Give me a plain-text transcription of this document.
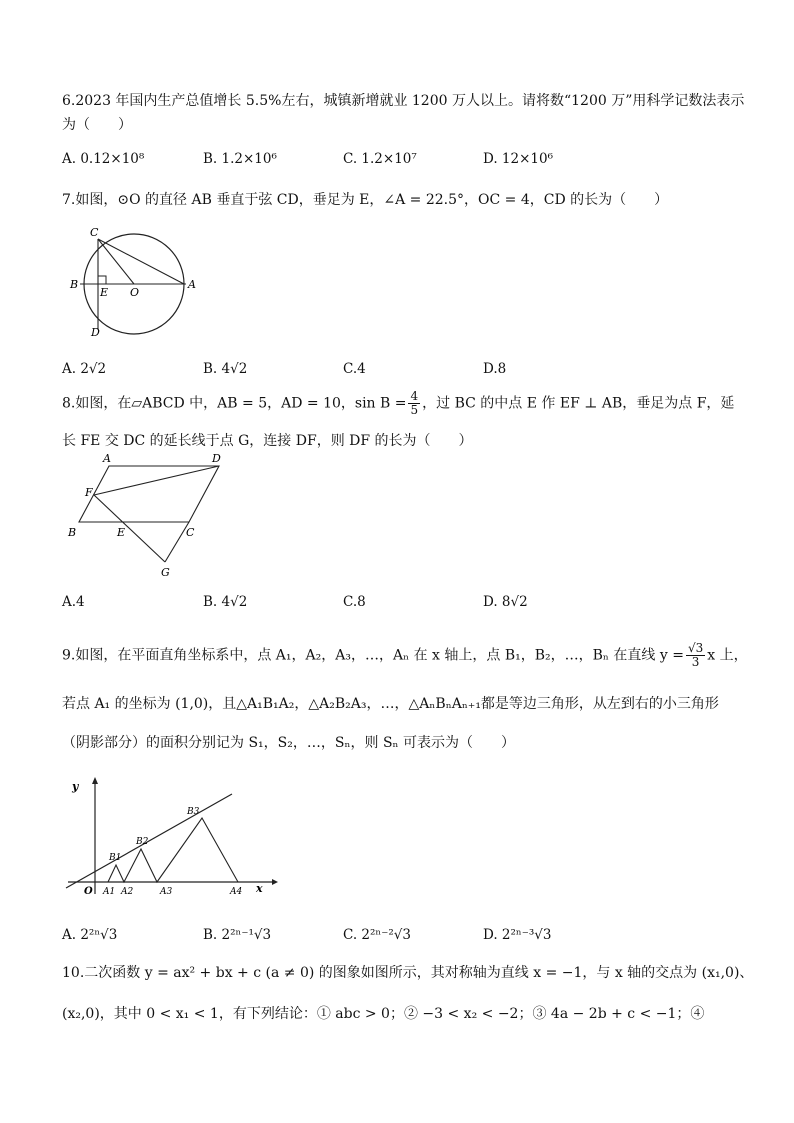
6.2023 年国内生产总值增长 5.5%左右，城镇新增就业 1200 万人以上。请将数“1200 万”用科学记数法表示
为（　　）
A. 0.12×10⁸	B. 1.2×10⁶	C. 1.2×10⁷	D. 12×10⁶
7.如图，⊙O 的直径 AB 垂直于弦 CD，垂足为 E，∠A = 22.5°，OC = 4，CD 的长为（　　）
C
B
E O
A
D
A. 2√2	B. 4√2	C.4	D.8
8.如图，在▱ABCD 中，AB = 5，AD = 10，$\sin B = \frac{4}{5}$ ，过 BC 的中点 E 作 EF ⊥ AB，垂足为点 F，延
长 FE 交 DC 的延长线于点 G，连接 DF，则 DF 的长为（　　）
A	D
F
B	E	C
G
A.4	B. 4√2	C.8	D. 8√2
9.如图，在平面直角坐标系中，点 A₁，A₂，A₃，…，Aₙ 在 x 轴上，点 B₁，B₂，…，Bₙ 在直线 $y = \frac{√3}{3}$ x 上，
若点 A₁ 的坐标为 (1,0)，且△A₁B₁A₂，△A₂B₂A₃，…，△AₙBₙAₙ₊₁都是等边三角形，从左到右的小三角形
（阴影部分）的面积分别记为 S₁，S₂，…，Sₙ，则 Sₙ 可表示为（　　）
y
x
O A1 A2	A3	A4
B1
B2
B3
A. 2²ⁿ√3	B. 2²ⁿ⁻¹√3	C. 2²ⁿ⁻²√3	D. 2²ⁿ⁻³√3
10.二次函数 y = ax² + bx + c (a ≠ 0) 的图象如图所示，其对称轴为直线 x = −1，与 x 轴的交点为 (x₁,0)、
(x₂,0)，其中 0 < x₁ < 1，有下列结论：① abc > 0；② −3 < x₂ < −2；③ 4a − 2b + c < −1；④
